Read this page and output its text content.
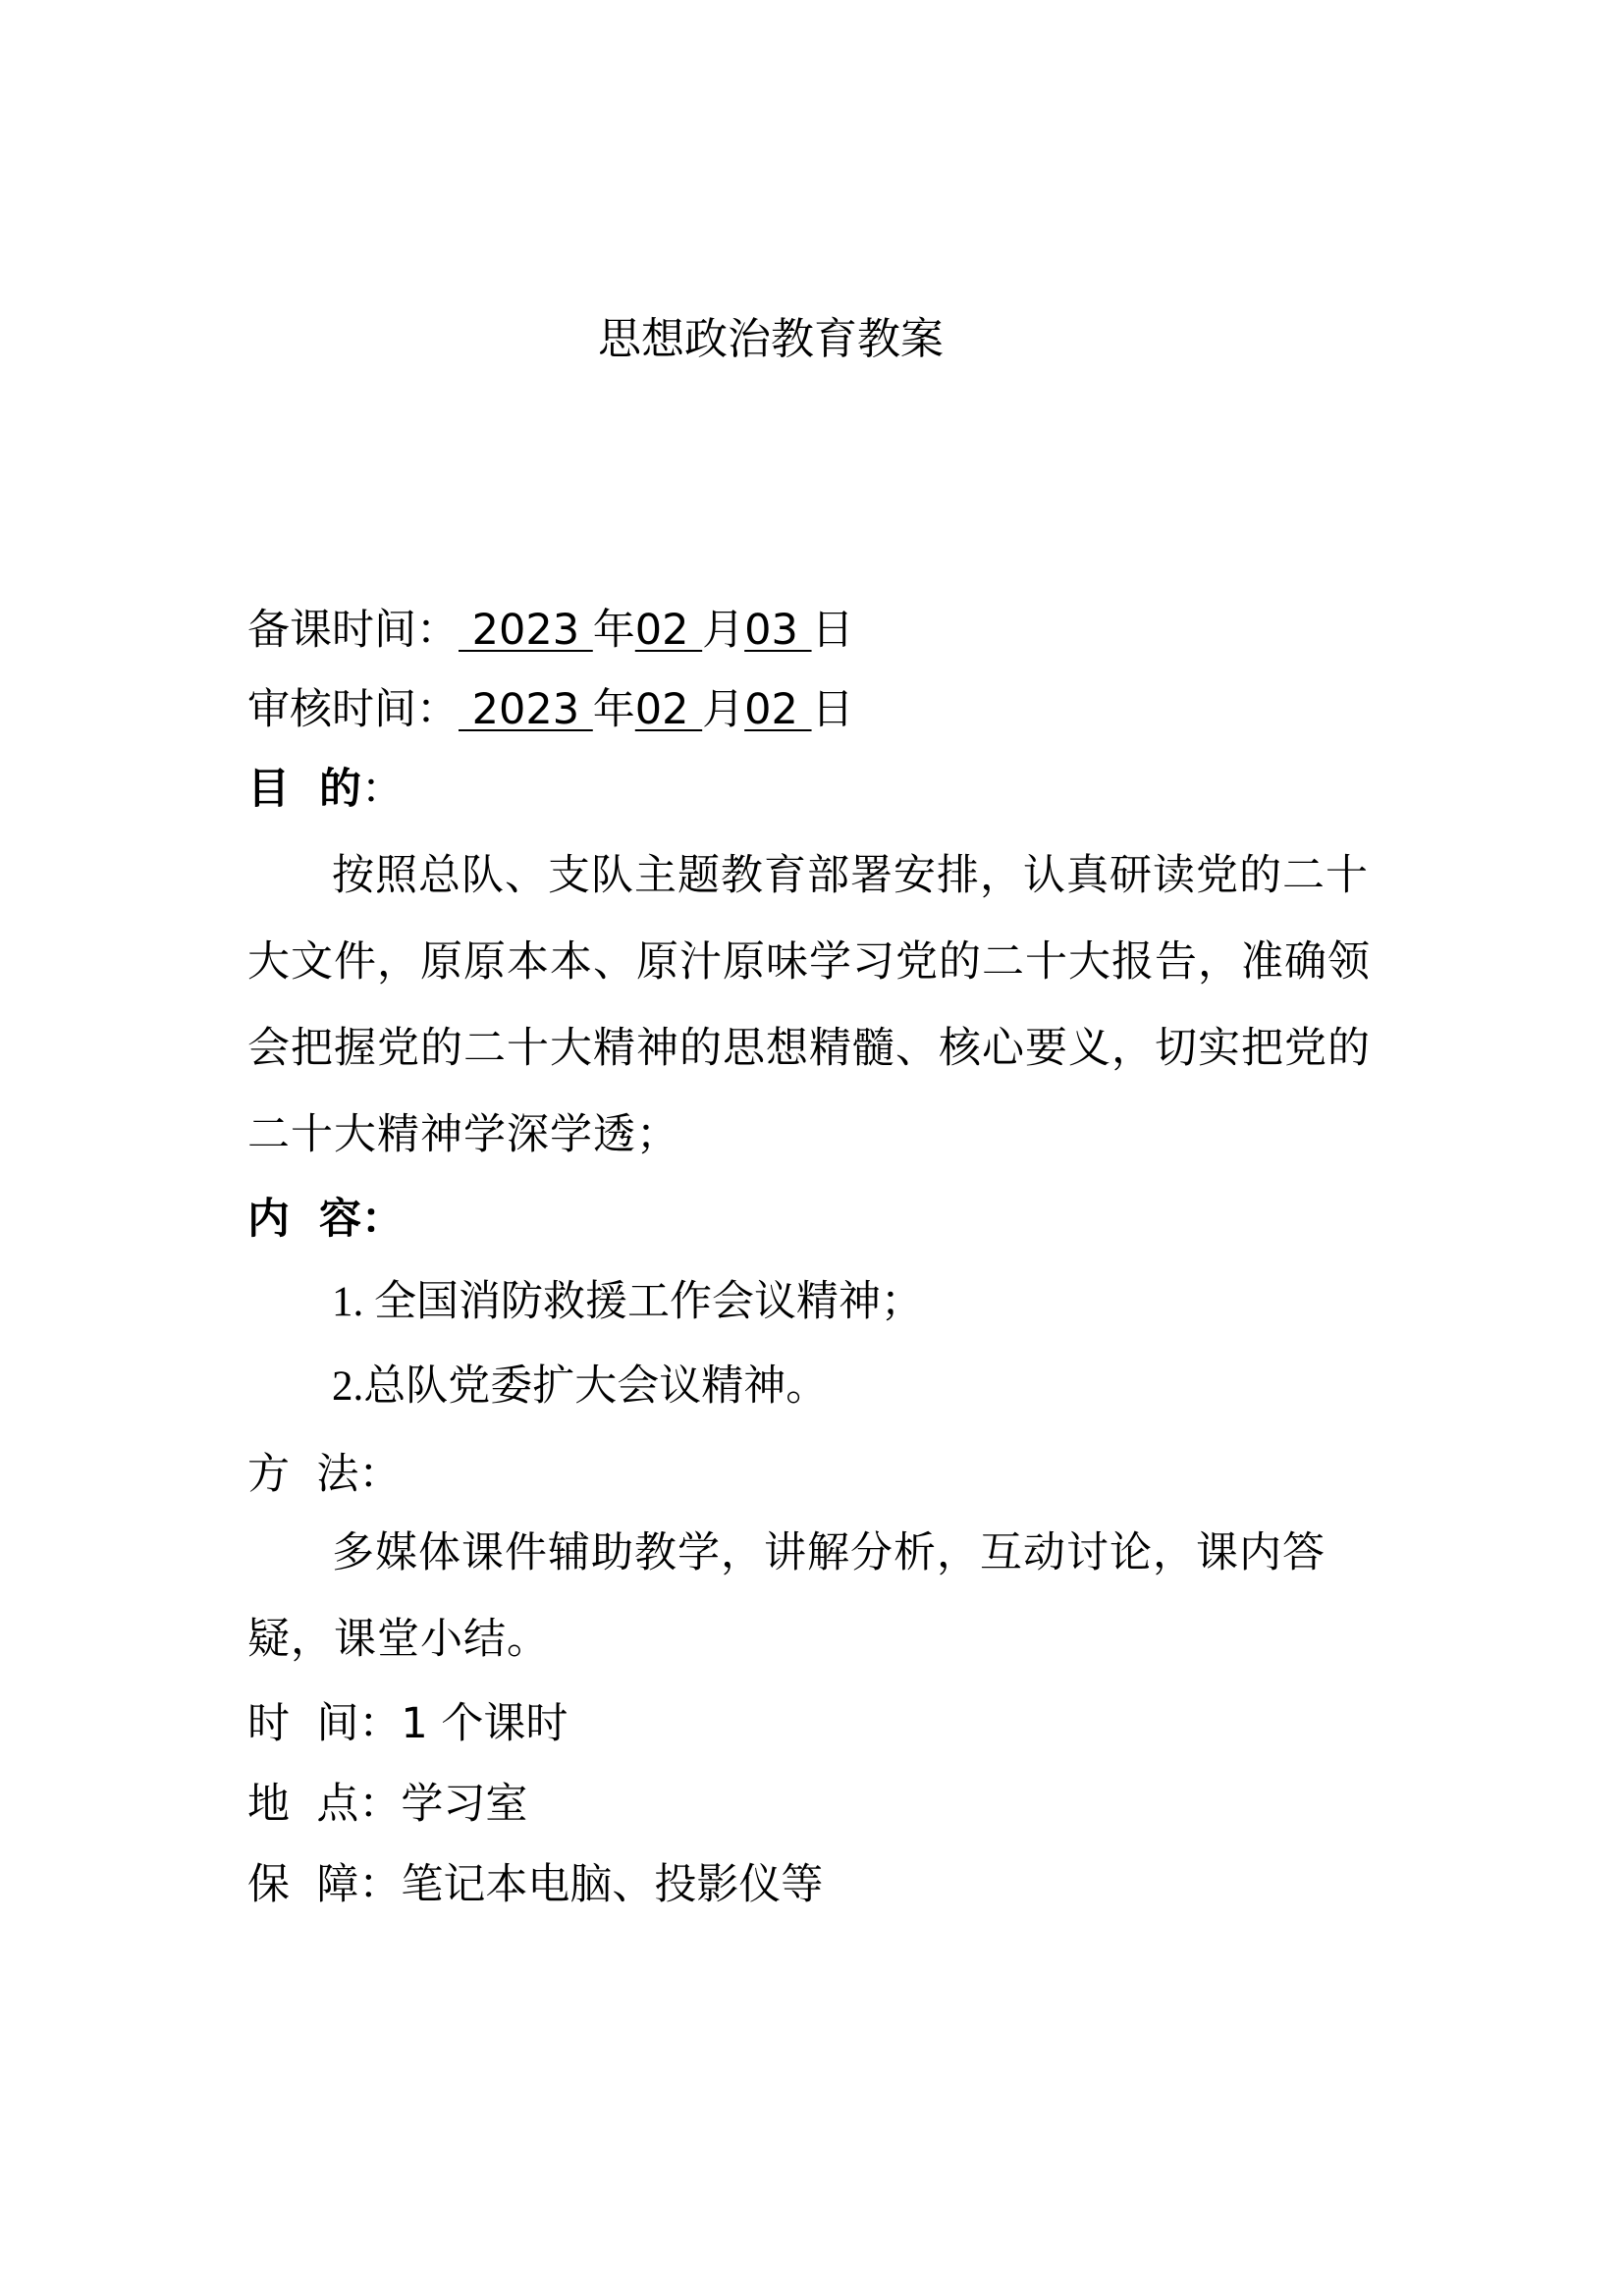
思想政治教育教案
备课时间： 2023 年02 月03 日
审核时间： 2023 年02 月02 日
目  的：
按照总队、支队主题教育部署安排，认真研读党的二十大文件，原原本本、原汁原味学习党的二十大报告，准确领会把握党的二十大精神的思想精髓、核心要义，切实把党的二十大精神学深学透；
内  容：
1. 全国消防救援工作会议精神；
2.总队党委扩大会议精神。
方  法：
多媒体课件辅助教学，讲解分析，互动讨论，课内答疑，课堂小结。
时  间：1 个课时
地  点：学习室
保  障：笔记本电脑、投影仪等
